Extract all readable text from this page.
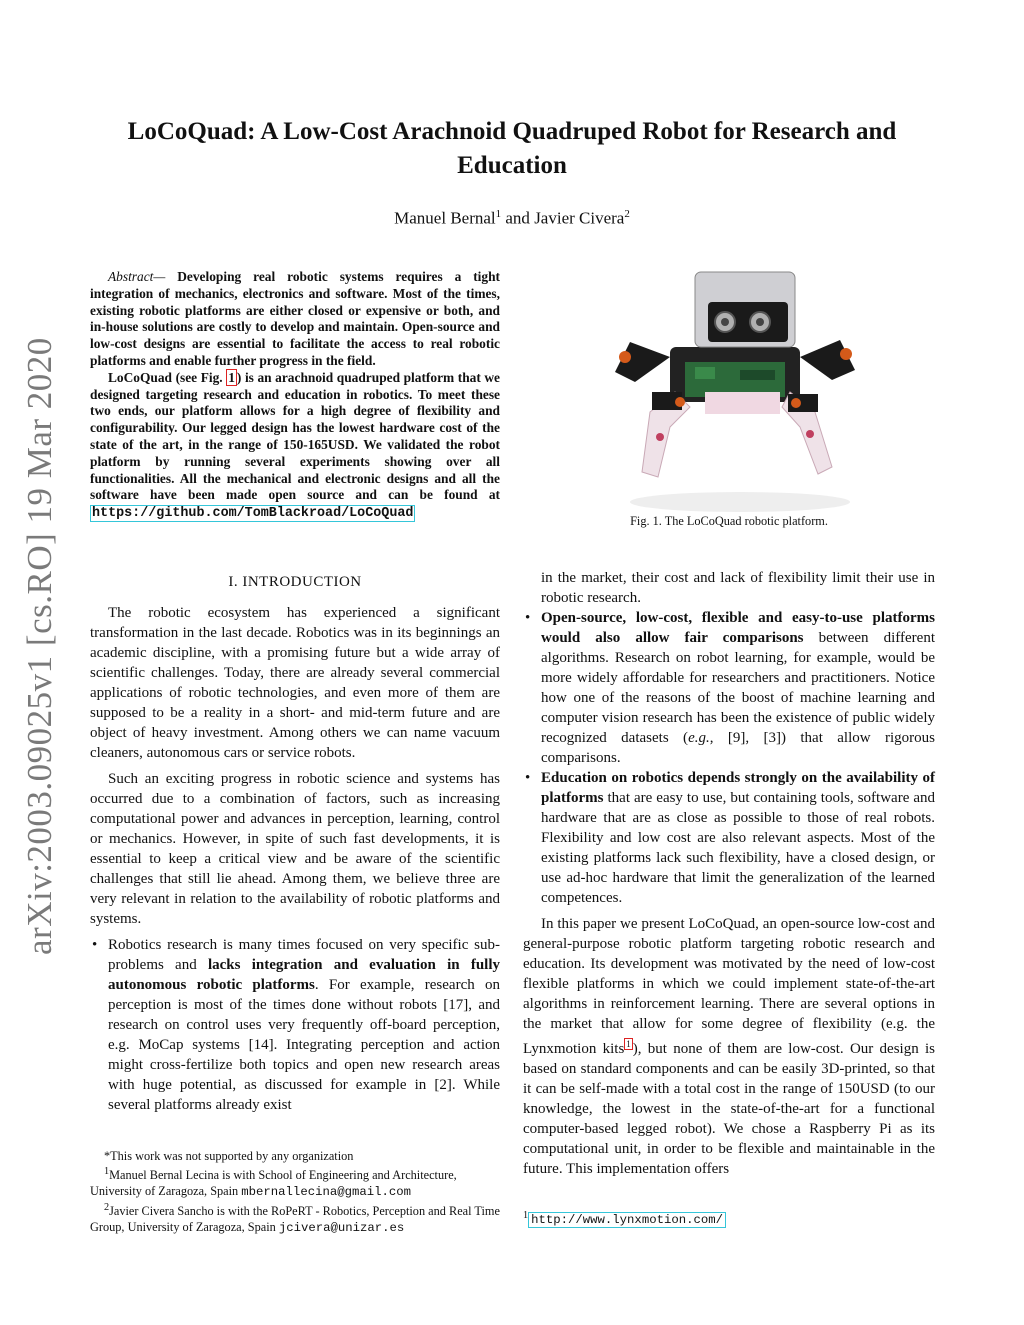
arXiv:2003.09025v1 [cs.RO] 19 Mar 2020
LoCoQuad: A Low-Cost Arachnoid Quadruped Robot for Research and Education
Manuel Bernal$^1$ and Javier Civera$^2$

Abstract— Developing real robotic systems requires a tight integration of mechanics, electronics and software. Most of the times, existing robotic platforms are either closed or expensive or both, and in-house solutions are costly to develop and maintain. Open-source and low-cost designs are essential to facilitate the access to real robotic platforms and enable further progress in the field.

LoCoQuad (see Fig. 1 ) is an arachnoid quadruped platform that we designed targeting research and education in robotics. To meet these two ends, our platform allows for a high degree of flexibility and configurability. Our legged design has the lowest hardware cost of the state of the art, in the range of 150-165USD. We validated the robot platform by running several experiments showing over all functionalities. All the mechanical and electronic designs and all the software have been made open source and can be found at https://github.com/TomBlackroad/LoCoQuad	Fig. 1. The LoCoQuad robotic platform.
I. INTRODUCTION

The robotic ecosystem has experienced a significant transformation in the last decade. Robotics was in its beginnings an academic discipline, with a promising future but a wide array of scientific challenges. Today, there are already several commercial applications of robotic technologies, and even more of them are supposed to be a reality in a short- and mid-term future and are object of heavy investment. Among others we can name vacuum cleaners, autonomous cars or service robots.

Such an exciting progress in robotic science and systems has occurred due to a combination of factors, such as increasing computational power and advances in perception, learning, control or mechanics. However, in spite of such fast developments, it is essential to keep a critical view and be aware of the scientific challenges that still lie ahead. Among them, we believe three are very relevant in relation to the availability of robotic platforms and systems.

• Robotics research is many times focused on very specific sub-problems and lacks integration and evaluation in fully autonomous robotic platforms. For example, research on perception is most of the times done without robots [17], and research on control uses very frequently off-board perception, e.g. MoCap systems [14]. Integrating perception and action might cross-fertilize both topics and open new research areas with huge potential, as discussed for example in [2]. While several platforms already exist
in the market, their cost and lack of flexibility limit their use in robotic research.
• Open-source, low-cost, flexible and easy-to-use platforms would also allow fair comparisons between different algorithms. Research on robot learning, for example, would be more widely affordable for researchers and practitioners. Notice how one of the reasons of the boost of machine learning and computer vision research has been the existence of public widely recognized datasets (e.g., [9], [3]) that allow rigorous comparisons.
• Education on robotics depends strongly on the availability of platforms that are easy to use, but containing tools, software and hardware that are as close as possible to those of real robots. Flexibility and low cost are also relevant aspects. Most of the existing platforms lack such flexibility, have a closed design, or use ad-hoc hardware that limit the generalization of the learned competences.

In this paper we present LoCoQuad, an open-source low-cost and general-purpose robotic platform targeting robotic research and education. Its development was motivated by the need of low-cost flexible platforms in which we could implement state-of-the-art algorithms in reinforcement learning. There are several options in the market that allow for some degree of flexibility (e.g. the Lynxmotion kits $^1$ ), but none of them are low-cost. Our design is based on standard components and can be easily 3D-printed, so that it can be self-made with a total cost in the range of 150USD (to our knowledge, the lowest in the state-of-the-art for a functional computer-based legged robot). We chose a Raspberry Pi as its computational unit, in order to be flexible and maintainable in the future. This implementation offers

*This work was not supported by any organization

$^1$Manuel Bernal Lecina is with School of Engineering and Architecture, University of Zaragoza, Spain mbernallecina@gmail.com

$^2$Javier Civera Sancho is with the RoPeRT - Robotics, Perception and Real Time Group, University of Zaragoza, Spain jcivera@unizar.es

$^1$ http://www.lynxmotion.com/
